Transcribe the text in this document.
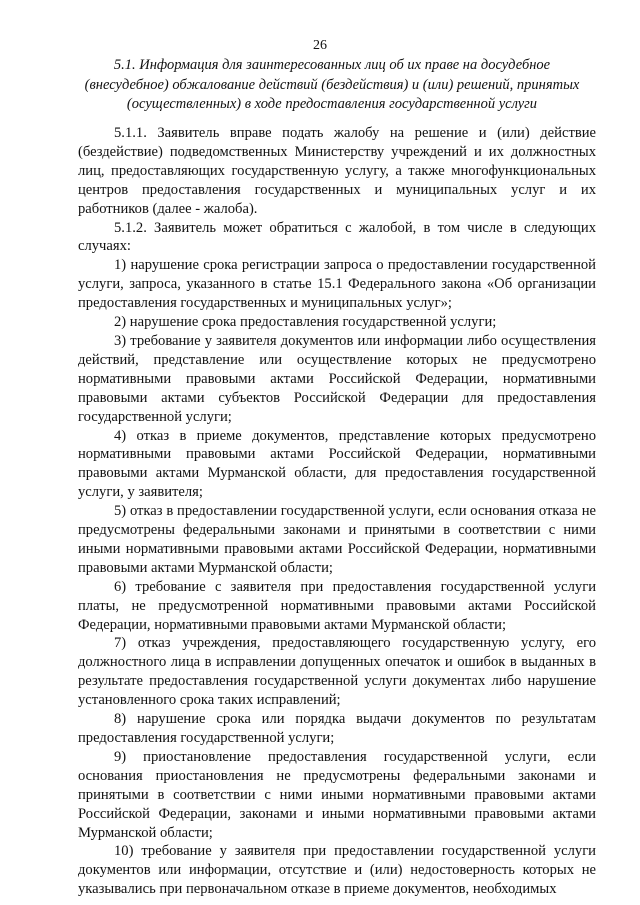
26
5.1. Информация для заинтересованных лиц об их праве на досудебное (внесудебное) обжалование действий (бездействия) и (или) решений, принятых (осуществленных) в ходе предоставления государственной услуги

5.1.1. Заявитель вправе подать жалобу на решение и (или) действие (бездействие) подведомственных Министерству учреждений и их должностных лиц, предоставляющих государственную услугу, а также многофункциональных центров предоставления государственных и муниципальных услуг и их работников (далее - жалоба).

5.1.2. Заявитель может обратиться с жалобой, в том числе в следующих случаях:

1) нарушение срока регистрации запроса о предоставлении государственной услуги, запроса, указанного в статье 15.1 Федерального закона «Об организации предоставления государственных и муниципальных услуг»;

2) нарушение срока предоставления государственной услуги;

3) требование у заявителя документов или информации либо осуществления действий, представление или осуществление которых не предусмотрено нормативными правовыми актами Российской Федерации, нормативными правовыми актами субъектов Российской Федерации для предоставления государственной услуги;

4) отказ в приеме документов, представление которых предусмотрено нормативными правовыми актами Российской Федерации, нормативными правовыми актами Мурманской области, для предоставления государственной услуги, у заявителя;

5) отказ в предоставлении государственной услуги, если основания отказа не предусмотрены федеральными законами и принятыми в соответствии с ними иными нормативными правовыми актами Российской Федерации, нормативными правовыми актами Мурманской области;

6) требование с заявителя при предоставления государственной услуги платы, не предусмотренной нормативными правовыми актами Российской Федерации, нормативными правовыми актами Мурманской области;

7) отказ учреждения, предоставляющего государственную услугу, его должностного лица в исправлении допущенных опечаток и ошибок в выданных в результате предоставления государственной услуги документах либо нарушение установленного срока таких исправлений;

8) нарушение срока или порядка выдачи документов по результатам предоставления государственной услуги;

9) приостановление предоставления государственной услуги, если основания приостановления не предусмотрены федеральными законами и принятыми в соответствии с ними иными нормативными правовыми актами Российской Федерации, законами и иными нормативными правовыми актами Мурманской области;

10) требование у заявителя при предоставлении государственной услуги документов или информации, отсутствие и (или) недостоверность которых не указывались при первоначальном отказе в приеме документов, необходимых
